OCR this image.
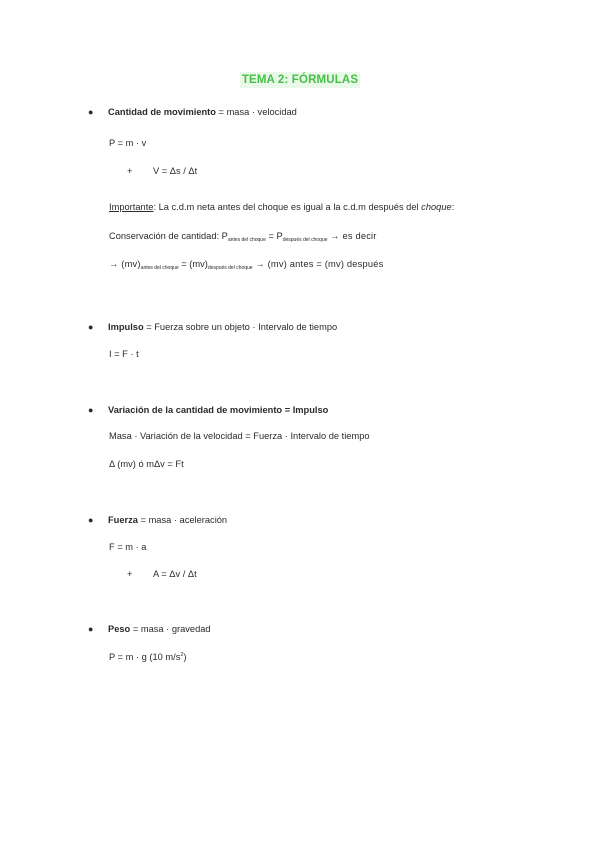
TEMA 2: FÓRMULAS
● Cantidad de movimiento = masa · velocidad
P = m · v
+ V = Δs / Δt
Importante: La c.d.m neta antes del choque es igual a la c.d.m después del choque:
Conservación de cantidad: $P_{antes del choque} = P_{después del choque}$ → es decir
→ $(mv)_{antes del choque} = (mv)_{después del choque} \to (mv)$ antes = (mv) después
● Impulso = Fuerza sobre un objeto · Intervalo de tiempo
I = F · t
● Variación de la cantidad de movimiento = Impulso
Masa · Variación de la velocidad = Fuerza · Intervalo de tiempo
Δ (mv) ó mΔv = Ft
● Fuerza = masa · aceleración
F = m · a
+ A = Δv / Δt
● Peso = masa · gravedad
P = m · g (10 $m/s^2$)
